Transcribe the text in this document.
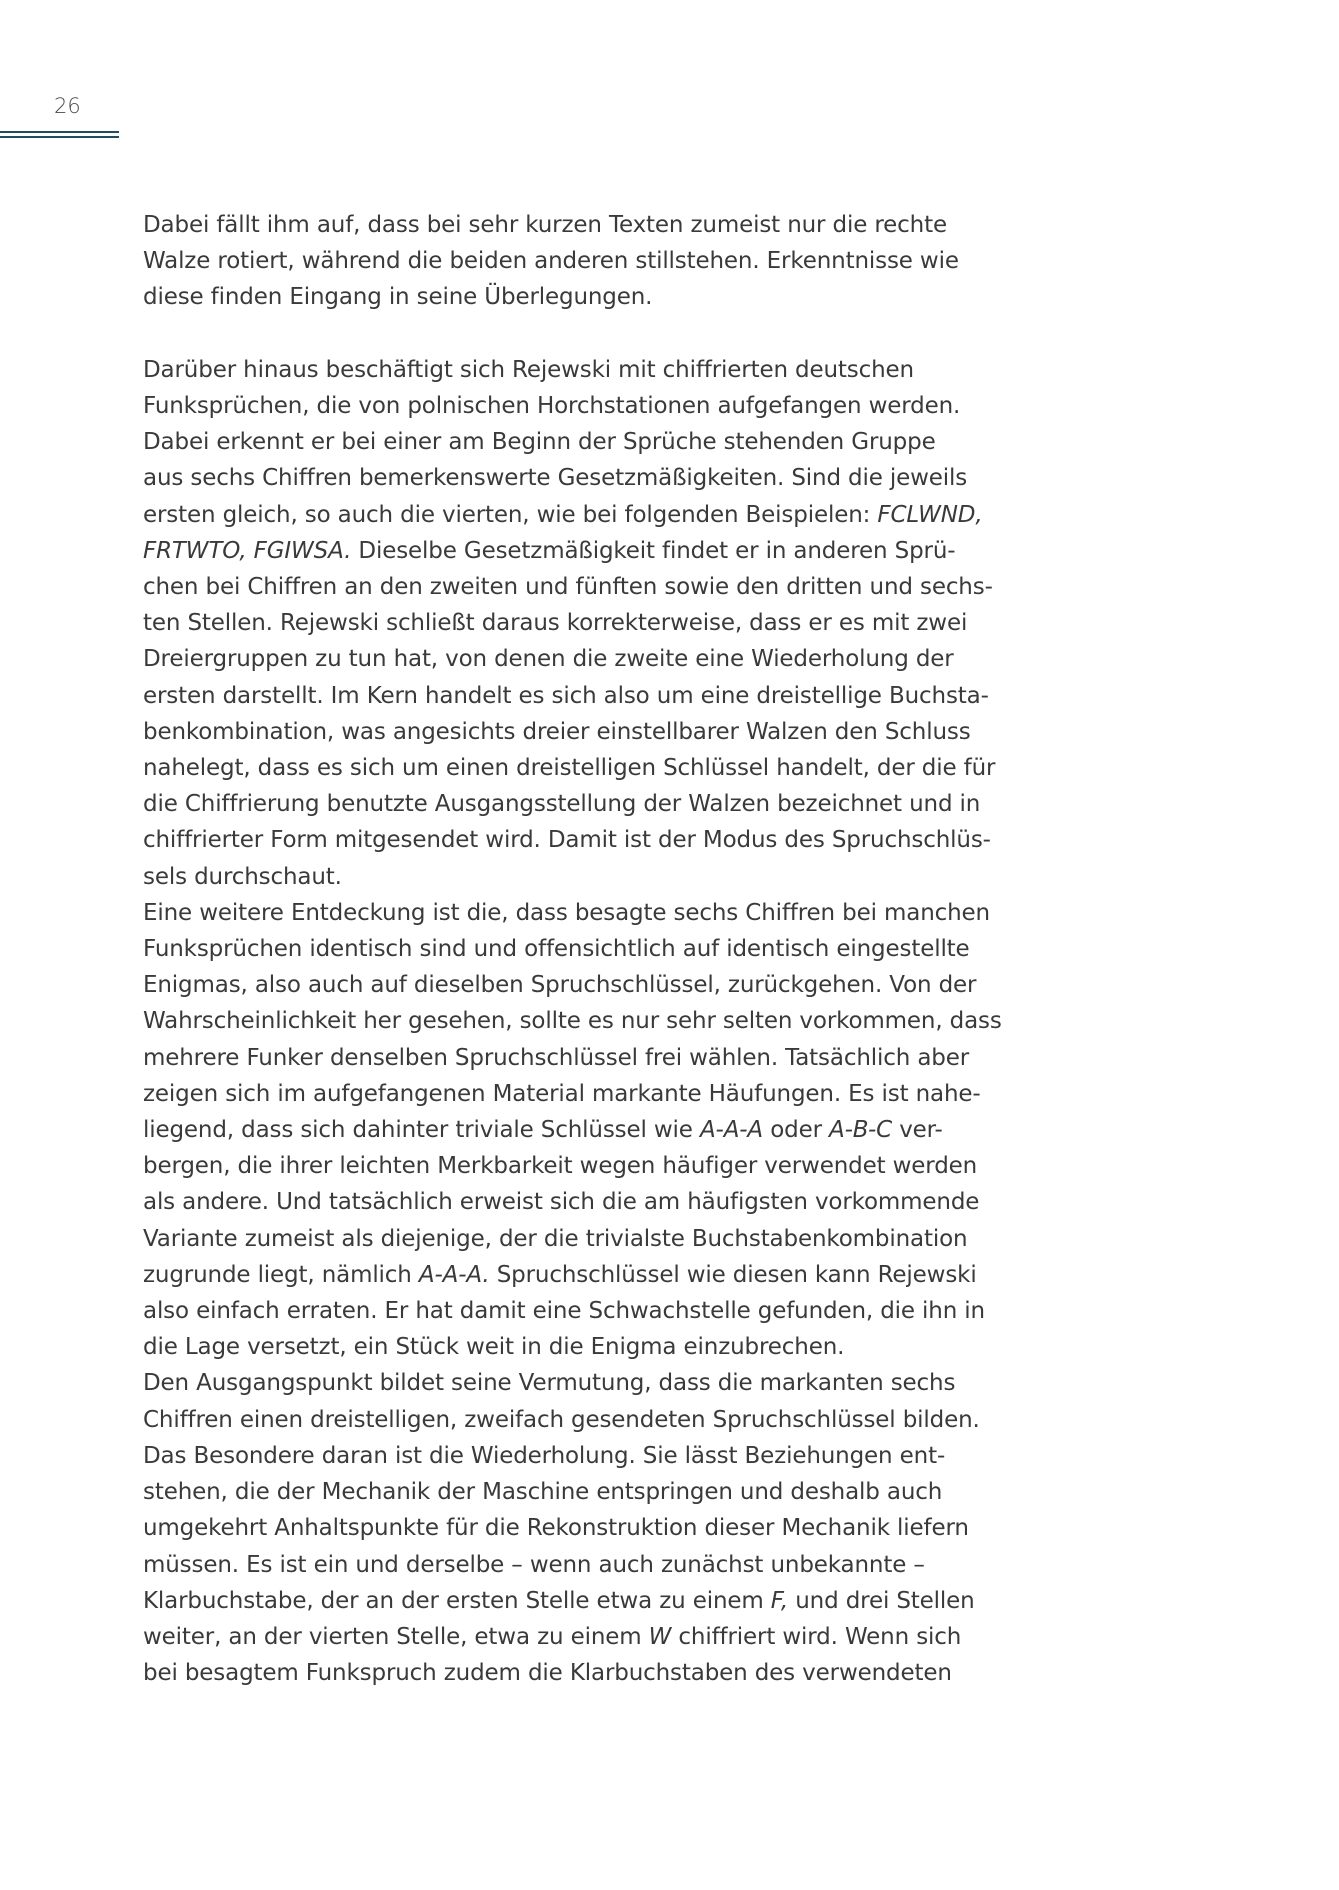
26
Dabei fällt ihm auf, dass bei sehr kurzen Texten zumeist nur die rechte
Walze rotiert, während die beiden anderen stillstehen. Erkenntnisse wie
diese finden Eingang in seine Überlegungen.
Darüber hinaus beschäftigt sich Rejewski mit chiffrierten deutschen
Funksprüchen, die von polnischen Horchstationen aufgefangen werden.
Dabei erkennt er bei einer am Beginn der Sprüche stehenden Gruppe
aus sechs Chiffren bemerkenswerte Gesetzmäßigkeiten. Sind die jeweils
ersten gleich, so auch die vierten, wie bei folgenden Beispielen: FCLWND,
FRTWTO, FGIWSA. Dieselbe Gesetzmäßigkeit findet er in anderen Sprü-
chen bei Chiffren an den zweiten und fünften sowie den dritten und sechs-
ten Stellen. Rejewski schließt daraus korrekterweise, dass er es mit zwei
Dreiergruppen zu tun hat, von denen die zweite eine Wiederholung der
ersten darstellt. Im Kern handelt es sich also um eine dreistellige Buchsta-
benkombination, was angesichts dreier einstellbarer Walzen den Schluss
nahelegt, dass es sich um einen dreistelligen Schlüssel handelt, der die für
die Chiffrierung benutzte Ausgangsstellung der Walzen bezeichnet und in
chiffrierter Form mitgesendet wird. Damit ist der Modus des Spruchschlüs-
sels durchschaut.
Eine weitere Entdeckung ist die, dass besagte sechs Chiffren bei manchen
Funksprüchen identisch sind und offensichtlich auf identisch eingestellte
Enigmas, also auch auf dieselben Spruchschlüssel, zurückgehen. Von der
Wahrscheinlichkeit her gesehen, sollte es nur sehr selten vorkommen, dass
mehrere Funker denselben Spruchschlüssel frei wählen. Tatsächlich aber
zeigen sich im aufgefangenen Material markante Häufungen. Es ist nahe-
liegend, dass sich dahinter triviale Schlüssel wie A-A-A oder A-B-C ver-
bergen, die ihrer leichten Merkbarkeit wegen häufiger verwendet werden
als andere. Und tatsächlich erweist sich die am häufigsten vorkommende
Variante zumeist als diejenige, der die trivialste Buchstabenkombination
zugrunde liegt, nämlich A-A-A. Spruchschlüssel wie diesen kann Rejewski
also einfach erraten. Er hat damit eine Schwachstelle gefunden, die ihn in
die Lage versetzt, ein Stück weit in die Enigma einzubrechen.
Den Ausgangspunkt bildet seine Vermutung, dass die markanten sechs
Chiffren einen dreistelligen, zweifach gesendeten Spruchschlüssel bilden.
Das Besondere daran ist die Wiederholung. Sie lässt Beziehungen ent-
stehen, die der Mechanik der Maschine entspringen und deshalb auch
umgekehrt Anhaltspunkte für die Rekonstruktion dieser Mechanik liefern
müssen. Es ist ein und derselbe – wenn auch zunächst unbekannte –
Klarbuchstabe, der an der ersten Stelle etwa zu einem F, und drei Stellen
weiter, an der vierten Stelle, etwa zu einem W chiffriert wird. Wenn sich
bei besagtem Funkspruch zudem die Klarbuchstaben des verwendeten
